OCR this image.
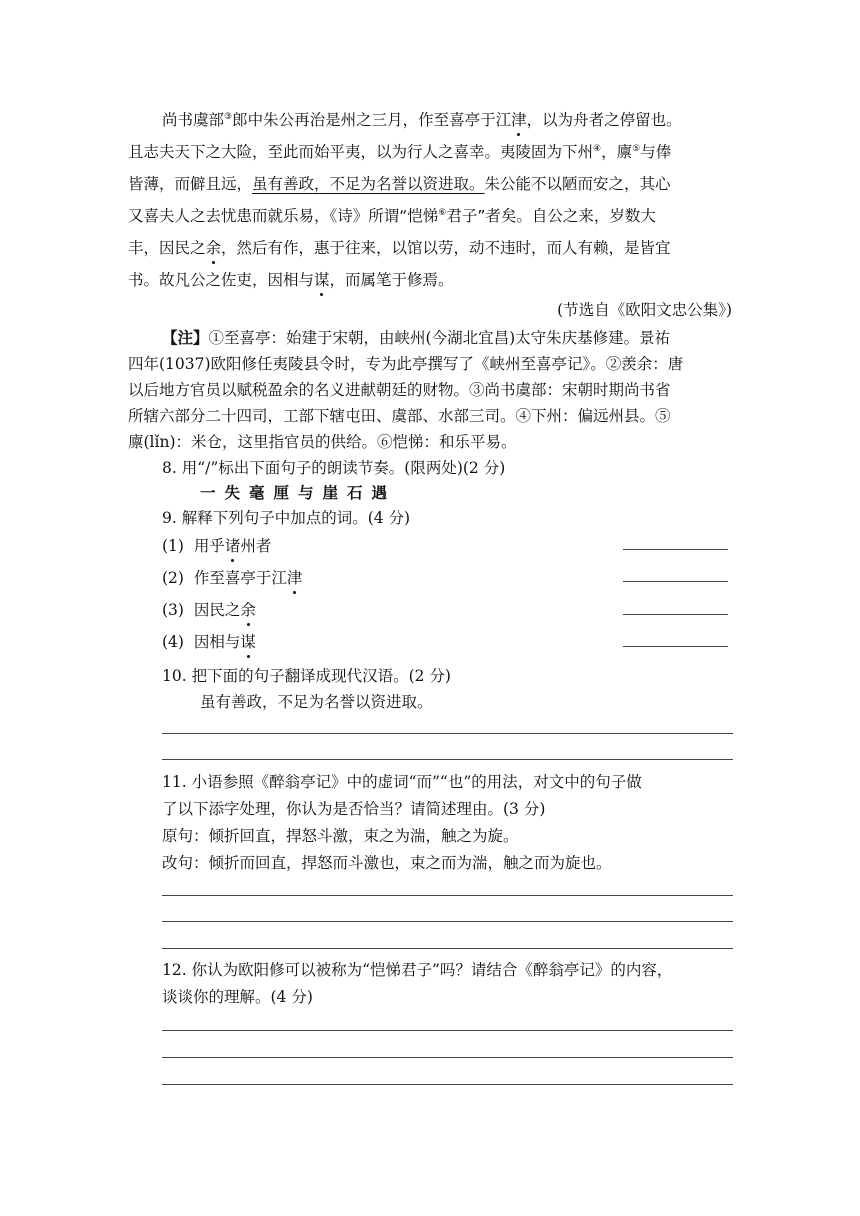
尚书虞部③郎中朱公再治是州之三月，作至喜亭于江津，以为舟者之停留也。
且志夫天下之大险，至此而始平夷，以为行人之喜幸。夷陵固为下州④，廪⑤与俸
皆薄，而僻且远，虽有善政，不足为名誉以资进取。朱公能不以陋而安之，其心
又喜夫人之去忧患而就乐易，《诗》所谓“恺悌⑥君子”者矣。自公之来，岁数大
丰，因民之余，然后有作，惠于往来，以馆以劳，动不违时，而人有赖，是皆宜
书。故凡公之佐吏，因相与谋，而属笔于修焉。
(节选自《欧阳文忠公集》)
【注】①至喜亭：始建于宋朝，由峡州(今湖北宜昌)太守朱庆基修建。景祐
四年(1037)欧阳修任夷陵县令时，专为此亭撰写了《峡州至喜亭记》。②羡余：唐
以后地方官员以赋税盈余的名义进献朝廷的财物。③尚书虞部：宋朝时期尚书省
所辖六部分二十四司，工部下辖屯田、虞部、水部三司。④下州：偏远州县。⑤
廪(lǐn)：米仓，这里指官员的供给。⑥恺悌：和乐平易。
8. 用“/”标出下面句子的朗读节奏。(限两处)(2 分)
一失毫厘与崖石遇
9. 解释下列句子中加点的词。(4 分)
(1) 用乎诸州者
(2) 作至喜亭于江津
(3) 因民之余
(4) 因相与谋
10. 把下面的句子翻译成现代汉语。(2 分)
虽有善政，不足为名誉以资进取。
11. 小语参照《醉翁亭记》中的虚词“而”“也”的用法，对文中的句子做
了以下添字处理，你认为是否恰当？请简述理由。(3 分)
原句：倾折回直，捍怒斗激，束之为湍，触之为旋。
改句：倾折而回直，捍怒而斗激也，束之而为湍，触之而为旋也。
12. 你认为欧阳修可以被称为“恺悌君子”吗？请结合《醉翁亭记》的内容，
谈谈你的理解。(4 分)
